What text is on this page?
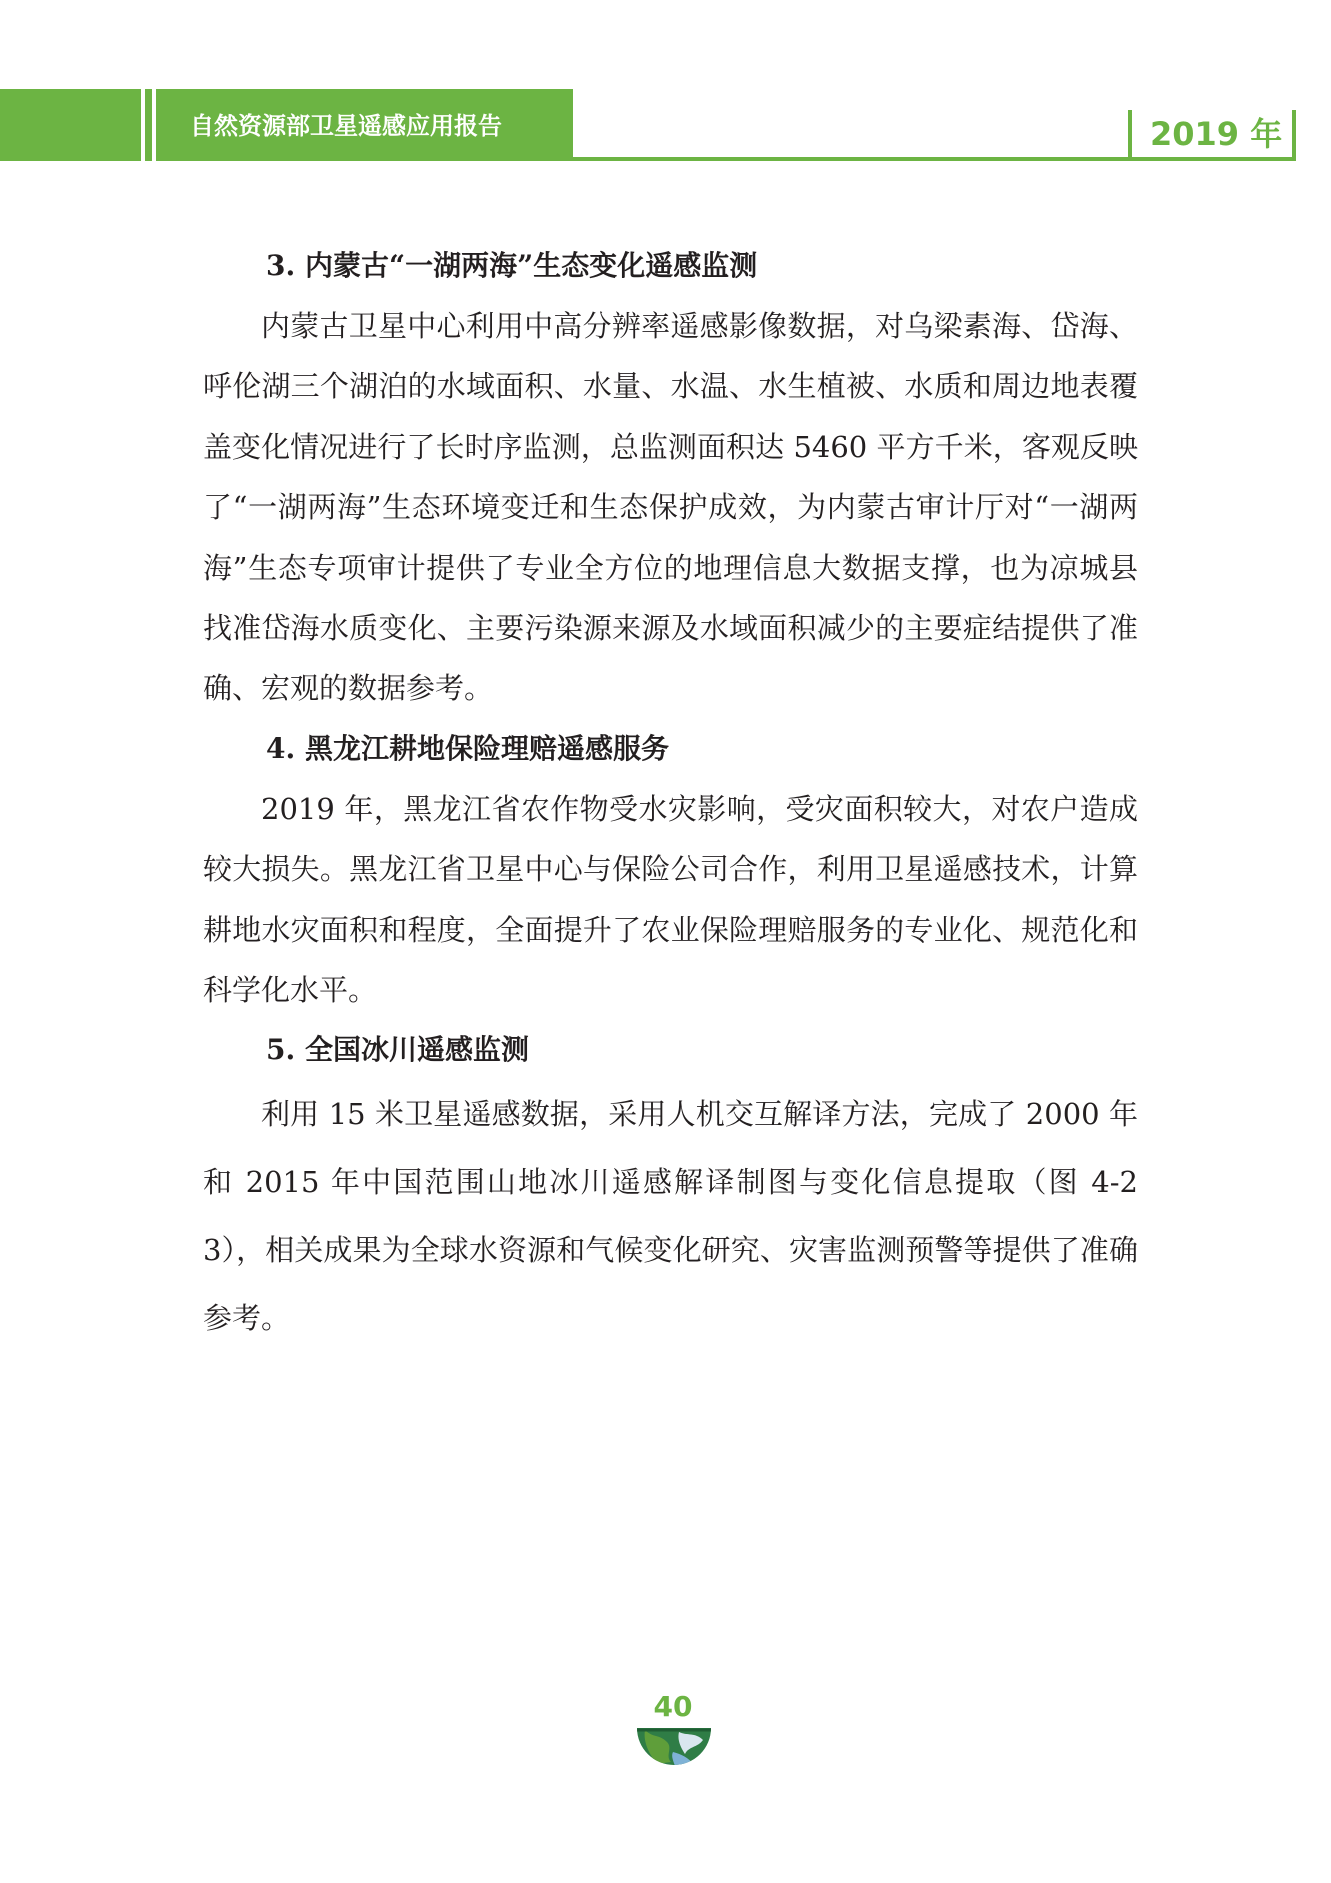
自然资源部卫星遥感应用报告	2019 年
3. 内蒙古“一湖两海”生态变化遥感监测

内蒙古卫星中心利用中高分辨率遥感影像数据，对乌梁素海、岱海、呼伦湖三个湖泊的水域面积、水量、水温、水生植被、水质和周边地表覆盖变化情况进行了长时序监测，总监测面积达 5460 平方千米，客观反映了“一湖两海”生态环境变迁和生态保护成效，为内蒙古审计厅对“一湖两海”生态专项审计提供了专业全方位的地理信息大数据支撑，也为凉城县找准岱海水质变化、主要污染源来源及水域面积减少的主要症结提供了准确、宏观的数据参考。

4. 黑龙江耕地保险理赔遥感服务

2019 年，黑龙江省农作物受水灾影响，受灾面积较大，对农户造成较大损失。黑龙江省卫星中心与保险公司合作，利用卫星遥感技术，计算耕地水灾面积和程度，全面提升了农业保险理赔服务的专业化、规范化和科学化水平。

5. 全国冰川遥感监测

利用 15 米卫星遥感数据，采用人机交互解译方法，完成了 2000 年和 2015 年中国范围山地冰川遥感解译制图与变化信息提取（图 4-23），相关成果为全球水资源和气候变化研究、灾害监测预警等提供了准确参考。

40
